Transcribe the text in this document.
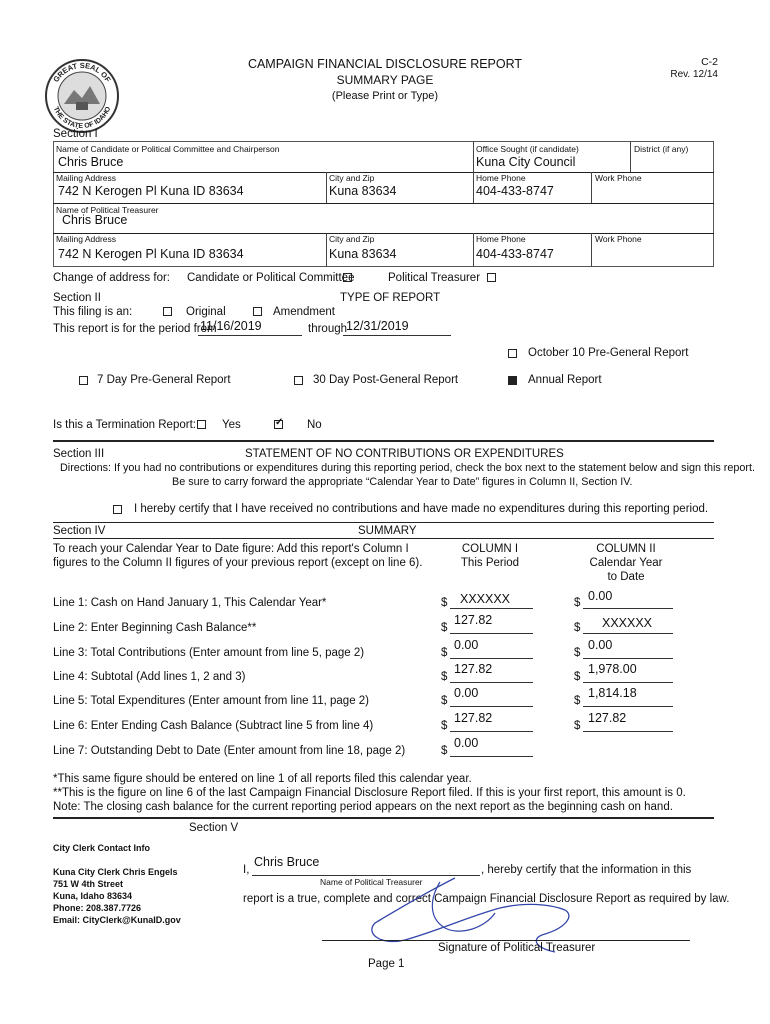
GREAT SEAL OF
THE STATE OF IDAHO
CAMPAIGN FINANCIAL DISCLOSURE REPORT
SUMMARY PAGE
(Please Print or Type)
C-2
Rev. 12/14
Section I
Name of Candidate or Political Committee and Chairperson
Chris Bruce
Office Sought (if candidate)
Kuna City Council
District (if any)
Mailing Address
742 N Kerogen Pl Kuna ID 83634
City and Zip
Kuna 83634
Home Phone
404-433-8747
Work Phone
Name of Political Treasurer
Chris Bruce
Mailing Address
742 N Kerogen Pl Kuna ID 83634
City and Zip
Kuna 83634
Home Phone
404-433-8747
Work Phone
Change of address for: Candidate or Political Committee	Political Treasurer
Section II	TYPE OF REPORT
This filing is an:	Original	Amendment
This report is for the period from
11/16/2019	through
12/31/2019
October 10 Pre-General Report
7 Day Pre-General Report	30 Day Post-General Report	Annual Report
Is this a Termination Report: Yes
✓	No
Section III	STATEMENT OF NO CONTRIBUTIONS OR EXPENDITURES
Directions: If you had no contributions or expenditures during this reporting period, check the box next to the statement below and sign this report.
Be sure to carry forward the appropriate “Calendar Year to Date” figures in Column II, Section IV.
I hereby certify that I have received no contributions and have made no expenditures during this reporting period.
Section IV	SUMMARY
To reach your Calendar Year to Date figure: Add this report's Column I
figures to the Column II figures of your previous report (except on line 6).
COLUMN I
This Period
COLUMN II
Calendar Year
to Date
Line 1: Cash on Hand January 1, This Calendar Year*	$	XXXXXX	$ 0.00
Line 2: Enter Beginning Cash Balance**	$
127.82
$	XXXXXX
Line 3: Total Contributions (Enter amount from line 5, page 2)	$
0.00
$
0.00
Line 4: Subtotal (Add lines 1, 2 and 3)	$
127.82
$
1,978.00
Line 5: Total Expenditures (Enter amount from line 11, page 2)	$
0.00
$
1,814.18
Line 6: Enter Ending Cash Balance (Subtract line 5 from line 4)	$
127.82
$
127.82
Line 7: Outstanding Debt to Date (Enter amount from line 18, page 2)	$
0.00
*This same figure should be entered on line 1 of all reports filed this calendar year.
**This is the figure on line 6 of the last Campaign Financial Disclosure Report filed. If this is your first report, this amount is 0.
Note: The closing cash balance for the current reporting period appears on the next report as the beginning cash on hand.
Section V
City Clerk Contact Info
Kuna City Clerk Chris Engels
751 W 4th Street
Kuna, Idaho 83634
Phone: 208.387.7726
Email: CityClerk@KunaID.gov
I,
Chris Bruce
, hereby certify that the information in this
Name of Political Treasurer
report is a true, complete and correct Campaign Financial Disclosure Report as required by law.
Signature of Political Treasurer
Page 1
